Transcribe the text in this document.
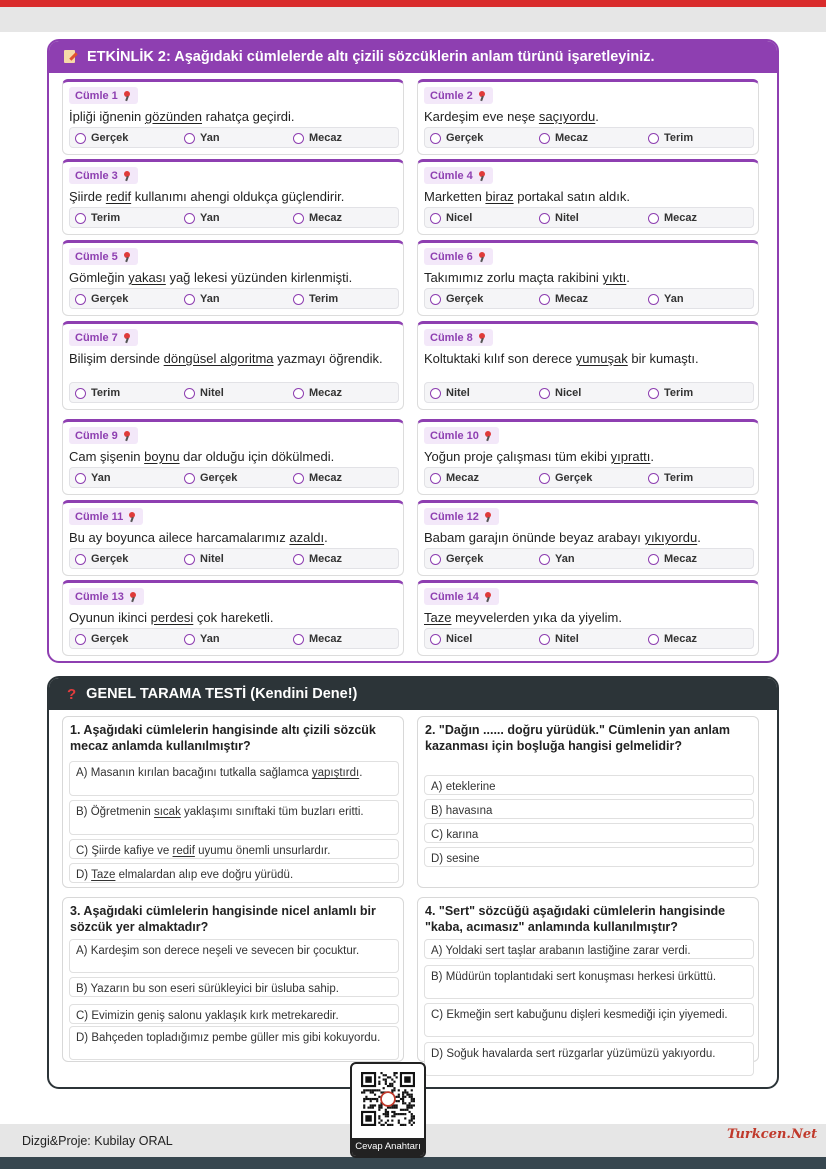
ETKİNLİK 2: Aşağıdaki cümlelerde altı çizili sözcüklerin anlam türünü işaretleyiniz.
Cümle 1
İpliği iğnenin gözünden rahatça geçirdi.
Gerçek	Yan	Mecaz
Cümle 2
Kardeşim eve neşe saçıyordu.
Gerçek	Mecaz	Terim
Cümle 3
Şiirde redif kullanımı ahengi oldukça güçlendirir.
Terim	Yan	Mecaz
Cümle 4
Marketten biraz portakal satın aldık.
Nicel	Nitel	Mecaz
Cümle 5
Gömleğin yakası yağ lekesi yüzünden kirlenmişti.
Gerçek	Yan	Terim
Cümle 6
Takımımız zorlu maçta rakibini yıktı.
Gerçek	Mecaz	Yan
Cümle 7
Bilişim dersinde döngüsel algoritma yazmayı öğrendik.
Terim	Nitel	Mecaz
Cümle 8
Koltuktaki kılıf son derece yumuşak bir kumaştı.
Nitel	Nicel	Terim
Cümle 9
Cam şişenin boynu dar olduğu için dökülmedi.
Yan	Gerçek	Mecaz
Cümle 10
Yoğun proje çalışması tüm ekibi yıprattı.
Mecaz	Gerçek	Terim
Cümle 11
Bu ay boyunca ailece harcamalarımız azaldı.
Gerçek	Nitel	Mecaz
Cümle 12
Babam garajın önünde beyaz arabayı yıkıyordu.
Gerçek	Yan	Mecaz
Cümle 13
Oyunun ikinci perdesi çok hareketli.
Gerçek	Yan	Mecaz
Cümle 14
Taze meyvelerden yıka da yiyelim.
Nicel	Nitel	Mecaz
? GENEL TARAMA TESTİ (Kendini Dene!)
1. Aşağıdaki cümlelerin hangisinde altı çizili sözcük mecaz anlamda kullanılmıştır?
A) Masanın kırılan bacağını tutkalla sağlamca yapıştırdı.
B) Öğretmenin sıcak yaklaşımı sınıftaki tüm buzları eritti.
C) Şiirde kafiye ve redif uyumu önemli unsurlardır.
D) Taze elmalardan alıp eve doğru yürüdü.
2. "Dağın ...... doğru yürüdük." Cümlenin yan anlam kazanması için boşluğa hangisi gelmelidir?
A) eteklerine
B) havasına
C) karına
D) sesine
3. Aşağıdaki cümlelerin hangisinde nicel anlamlı bir sözcük yer almaktadır?
A) Kardeşim son derece neşeli ve sevecen bir çocuktur.
B) Yazarın bu son eseri sürükleyici bir üsluba sahip.
C) Evimizin geniş salonu yaklaşık kırk metrekaredir.
D) Bahçeden topladığımız pembe güller mis gibi kokuyordu.
4. "Sert" sözcüğü aşağıdaki cümlelerin hangisinde "kaba, acımasız" anlamında kullanılmıştır?
A) Yoldaki sert taşlar arabanın lastiğine zarar verdi.
B) Müdürün toplantıdaki sert konuşması herkesi ürküttü.
C) Ekmeğin sert kabuğunu dişleri kesmediği için yiyemedi.
D) Soğuk havalarda sert rüzgarlar yüzümüzü yakıyordu.
Cevap Anahtarı
Dizgi&Proje: Kubilay ORAL	Turkcen.Net
